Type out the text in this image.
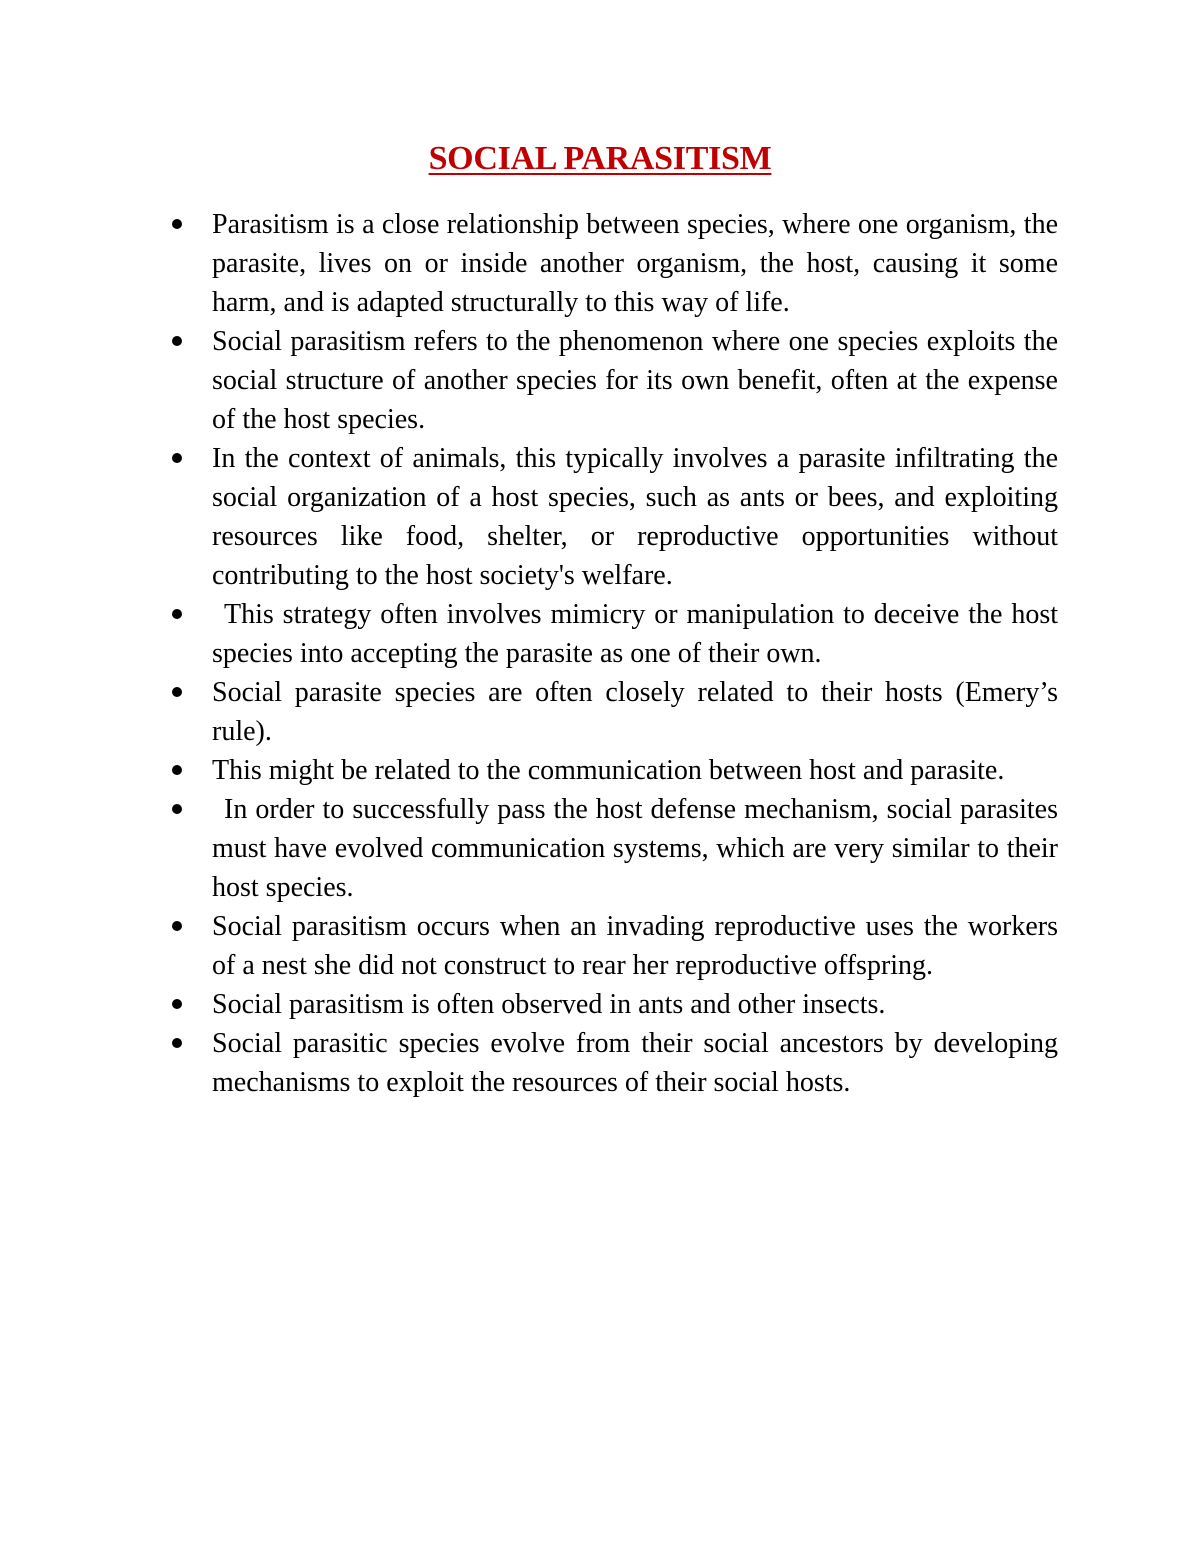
SOCIAL PARASITISM
Parasitism is a close relationship between species, where one organism, the parasite, lives on or inside another organism, the host, causing it some harm, and is adapted structurally to this way of life.
Social parasitism refers to the phenomenon where one species exploits the social structure of another species for its own benefit, often at the expense of the host species.
In the context of animals, this typically involves a parasite infiltrating the social organization of a host species, such as ants or bees, and exploiting resources like food, shelter, or reproductive opportunities without contributing to the host society's welfare.
This strategy often involves mimicry or manipulation to deceive the host species into accepting the parasite as one of their own.
Social parasite species are often closely related to their hosts (Emery’s rule).
This might be related to the communication between host and parasite.
In order to successfully pass the host defense mechanism, social parasites must have evolved communication systems, which are very similar to their host species.
Social parasitism occurs when an invading reproductive uses the workers of a nest she did not construct to rear her reproductive offspring.
Social parasitism is often observed in ants and other insects.
Social parasitic species evolve from their social ancestors by developing mechanisms to exploit the resources of their social hosts.
